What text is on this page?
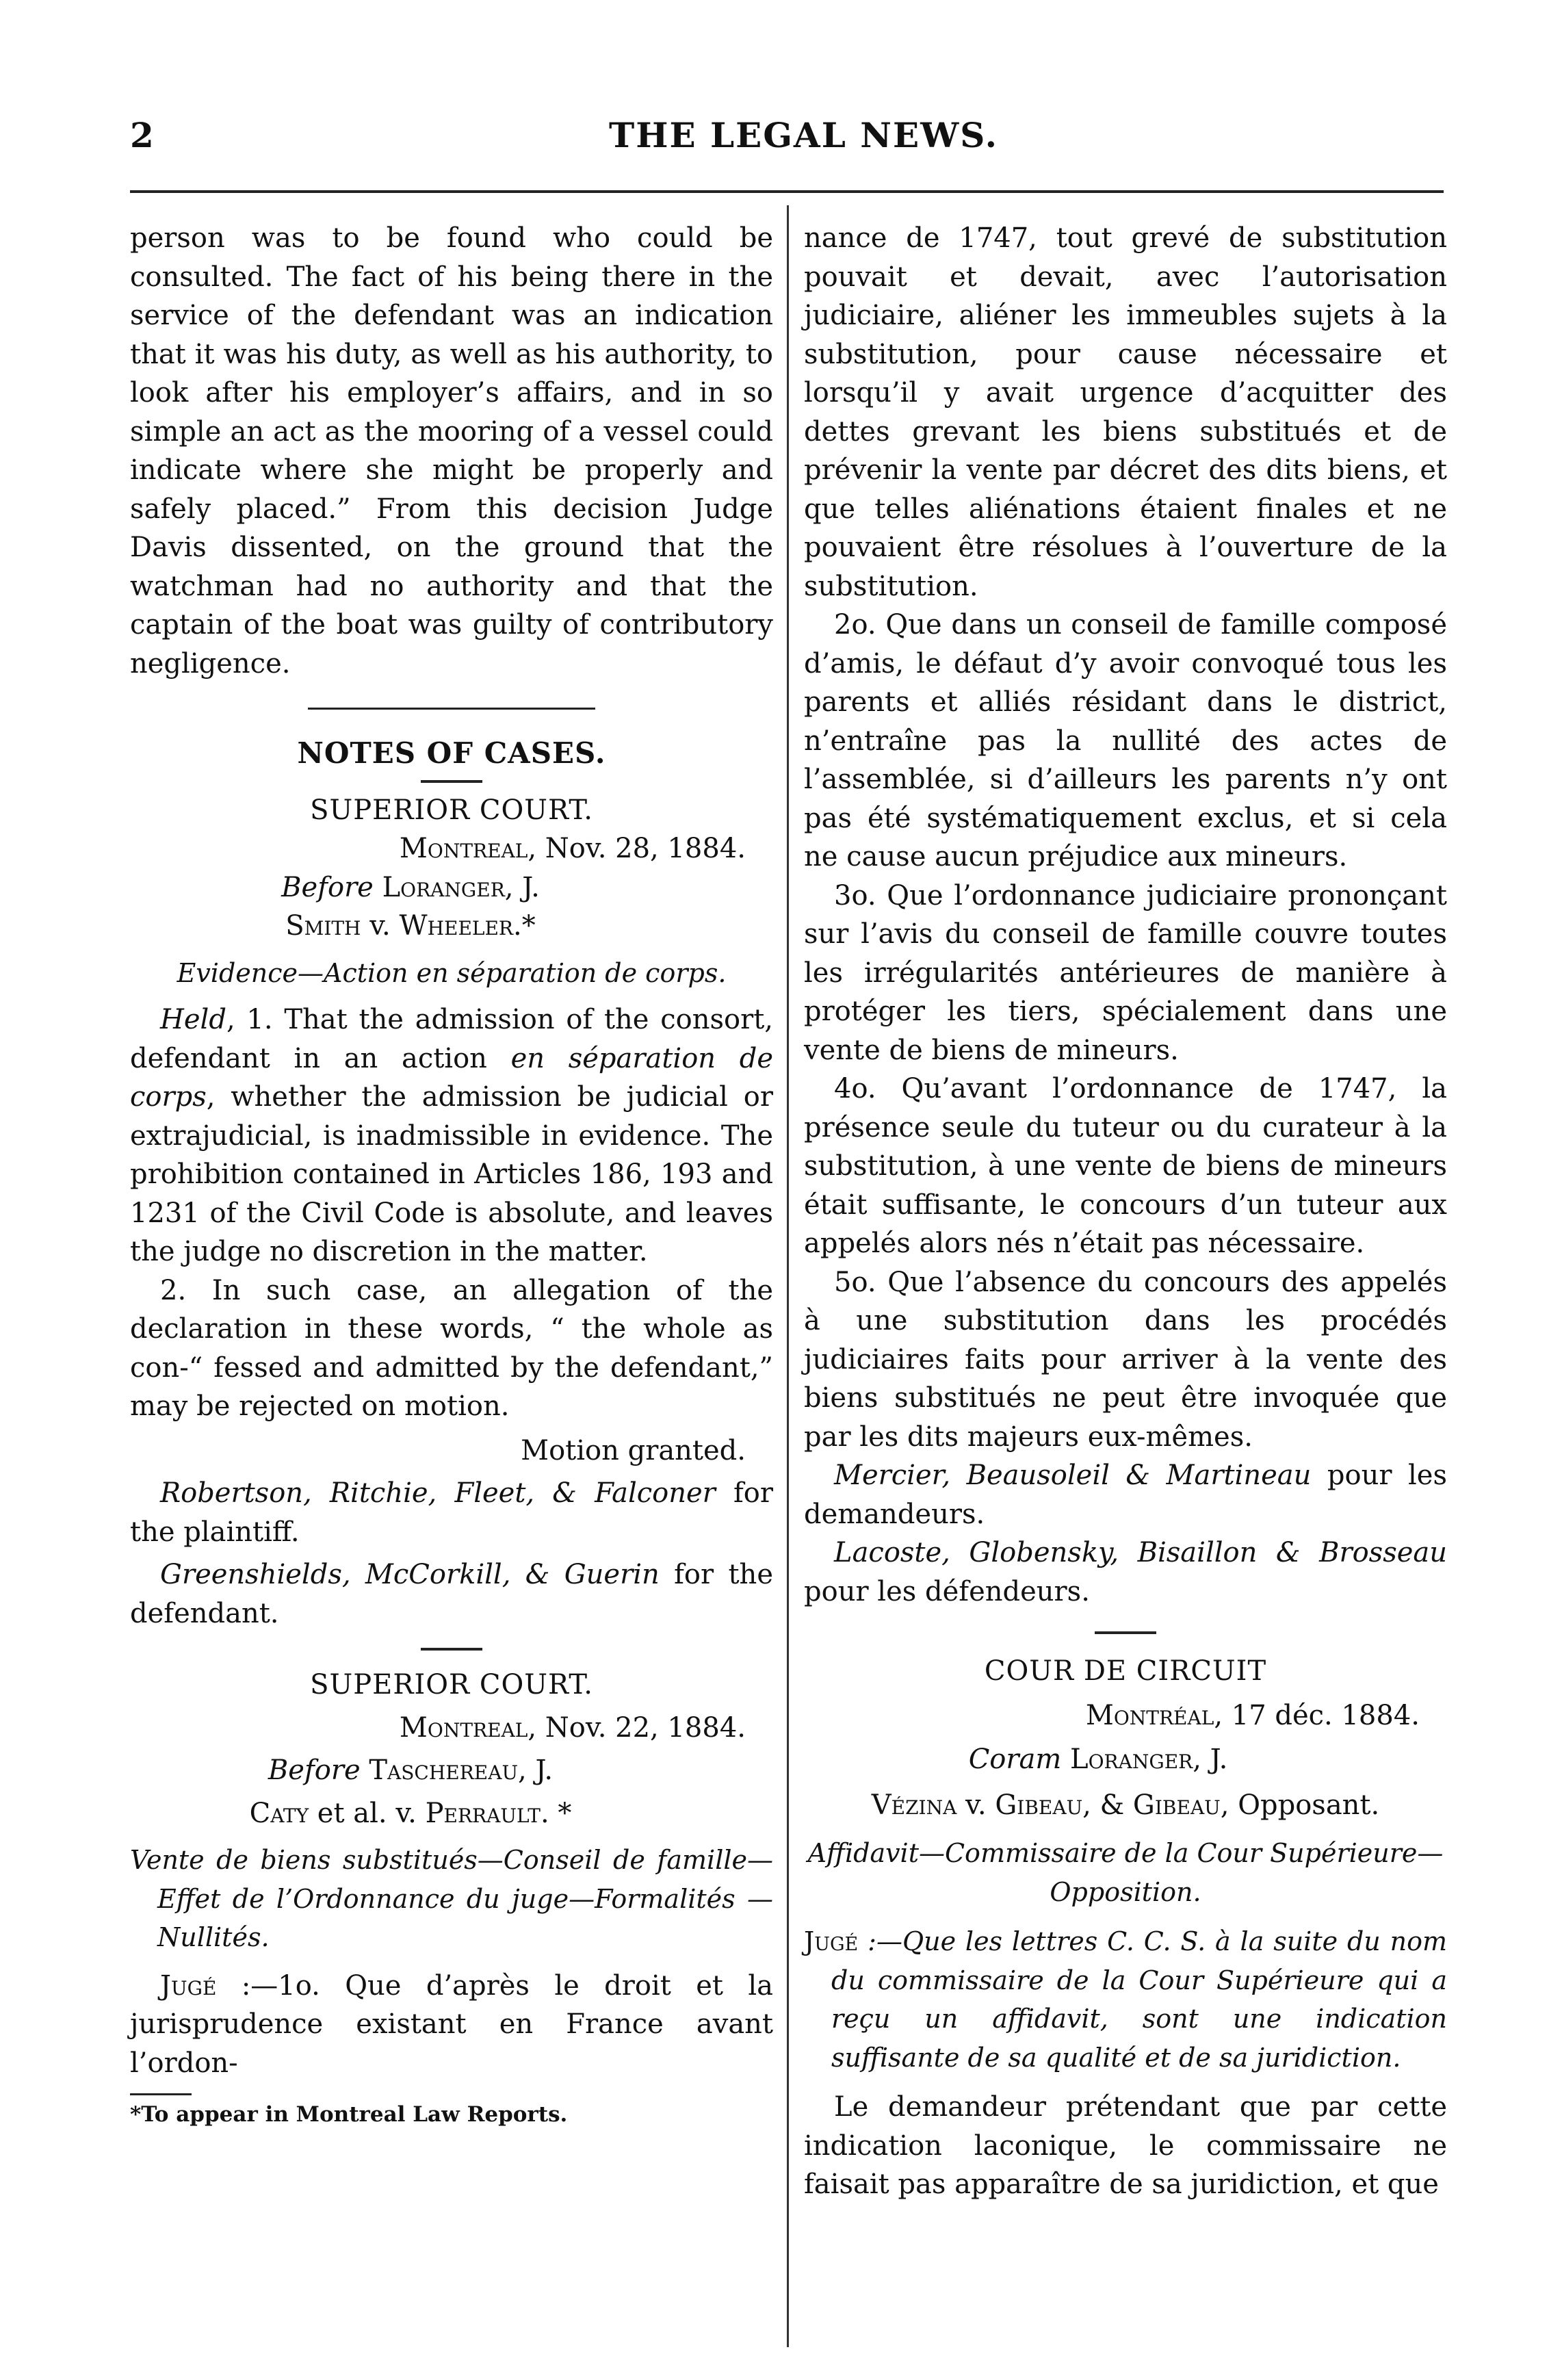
2	THE LEGAL NEWS.

person was to be found who could be consulted. The fact of his being there in the service of the defendant was an indication that it was his duty, as well as his authority, to look after his employer’s affairs, and in so simple an act as the mooring of a vessel could indicate where she might be properly and safely placed.” From this decision Judge Davis dissented, on the ground that the watchman had no authority and that the captain of the boat was guilty of contributory negligence.

NOTES OF CASES.

SUPERIOR COURT.

Montreal, Nov. 28, 1884.

Before Loranger, J.

Smith v. Wheeler.*

Evidence—Action en séparation de corps.

Held, 1. That the admission of the consort, defendant in an action en séparation de corps, whether the admission be judicial or extrajudicial, is inadmissible in evidence. The prohibition contained in Articles 186, 193 and 1231 of the Civil Code is absolute, and leaves the judge no discretion in the matter.

2. In such case, an allegation of the declaration in these words, “ the whole as con-“ fessed and admitted by the defendant,” may be rejected on motion.

Motion granted.

Robertson, Ritchie, Fleet, & Falconer for the plaintiff.

Greenshields, McCorkill, & Guerin for the defendant.

SUPERIOR COURT.

Montreal, Nov. 22, 1884.

Before Taschereau, J.

Caty et al. v. Perrault. *

Vente de biens substitués—Conseil de famille—Effet de l’Ordonnance du juge—Formalités —Nullités.

Jugé :—1o. Que d’après le droit et la jurisprudence existant en France avant l’ordon-

*To appear in Montreal Law Reports.

nance de 1747, tout grevé de substitution pouvait et devait, avec l’autorisation judiciaire, aliéner les immeubles sujets à la substitution, pour cause nécessaire et lorsqu’il y avait urgence d’acquitter des dettes grevant les biens substitués et de prévenir la vente par décret des dits biens, et que telles aliénations étaient finales et ne pouvaient être résolues à l’ouverture de la substitution.

2o. Que dans un conseil de famille composé d’amis, le défaut d’y avoir convoqué tous les parents et alliés résidant dans le district, n’entraîne pas la nullité des actes de l’assemblée, si d’ailleurs les parents n’y ont pas été systématiquement exclus, et si cela ne cause aucun préjudice aux mineurs.

3o. Que l’ordonnance judiciaire prononçant sur l’avis du conseil de famille couvre toutes les irrégularités antérieures de manière à protéger les tiers, spécialement dans une vente de biens de mineurs.

4o. Qu’avant l’ordonnance de 1747, la présence seule du tuteur ou du curateur à la substitution, à une vente de biens de mineurs était suffisante, le concours d’un tuteur aux appelés alors nés n’était pas nécessaire.

5o. Que l’absence du concours des appelés à une substitution dans les procédés judiciaires faits pour arriver à la vente des biens substitués ne peut être invoquée que par les dits majeurs eux-mêmes.

Mercier, Beausoleil & Martineau pour les demandeurs.

Lacoste, Globensky, Bisaillon & Brosseau pour les défendeurs.

COUR DE CIRCUIT

Montréal, 17 déc. 1884.

Coram Loranger, J.

Vézina v. Gibeau, & Gibeau, Opposant.

Affidavit—Commissaire de la Cour Supérieure—Opposition.

Jugé :—Que les lettres C. C. S. à la suite du nom du commissaire de la Cour Supérieure qui a reçu un affidavit, sont une indication suffisante de sa qualité et de sa juridiction.

Le demandeur prétendant que par cette indication laconique, le commissaire ne faisait pas apparaître de sa juridiction, et que
